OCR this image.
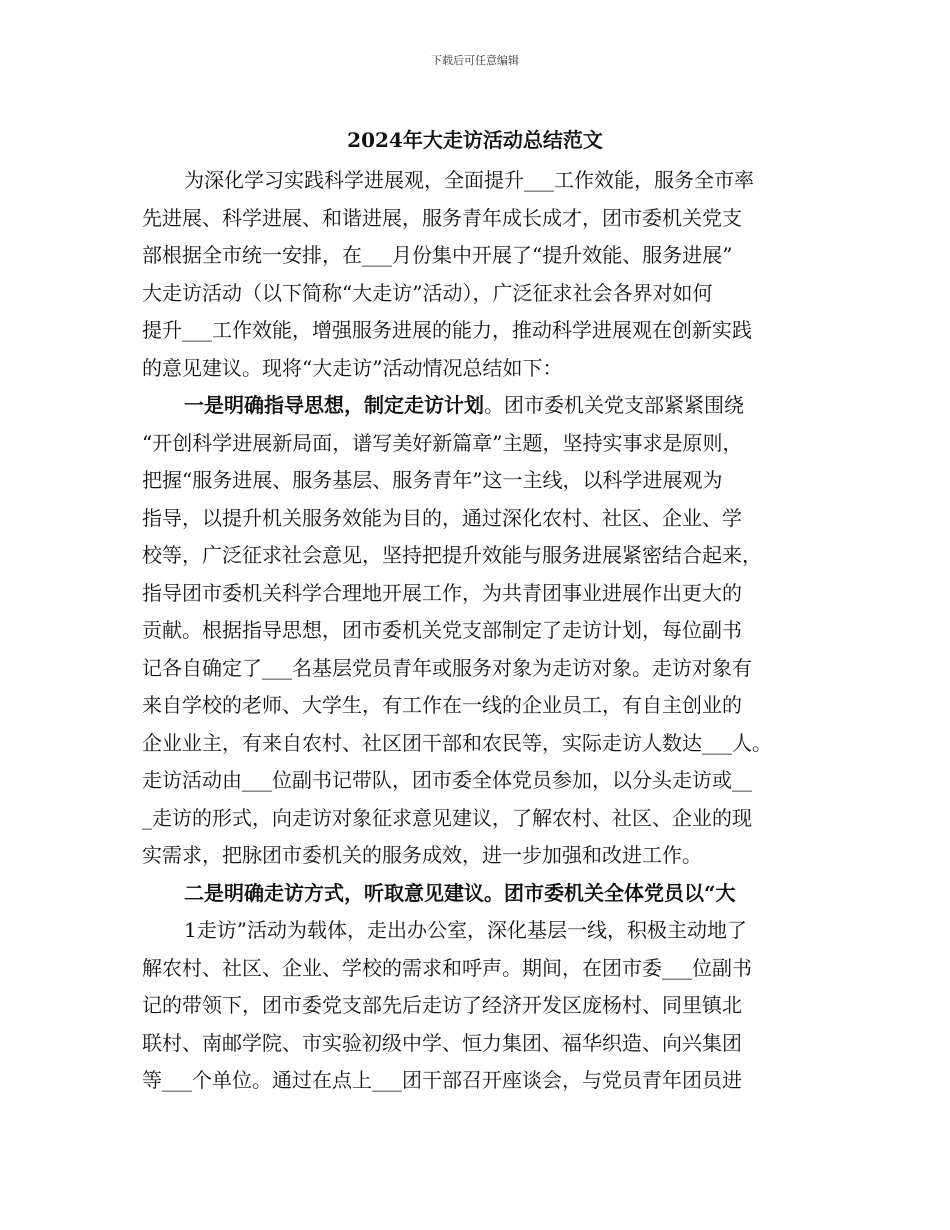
下载后可任意编辑
2024年大走访活动总结范文
为深化学习实践科学进展观，全面提升___工作效能，服务全市率
先进展、科学进展、和谐进展，服务青年成长成才，团市委机关党支
部根据全市统一安排，在___月份集中开展了“提升效能、服务进展”
大走访活动（以下简称“大走访”活动），广泛征求社会各界对如何
提升___工作效能，增强服务进展的能力，推动科学进展观在创新实践
的意见建议。现将“大走访”活动情况总结如下：
一是明确指导思想，制定走访计划。团市委机关党支部紧紧围绕
“开创科学进展新局面，谱写美好新篇章”主题，坚持实事求是原则，
把握“服务进展、服务基层、服务青年”这一主线，以科学进展观为
指导，以提升机关服务效能为目的，通过深化农村、社区、企业、学
校等，广泛征求社会意见，坚持把提升效能与服务进展紧密结合起来，
指导团市委机关科学合理地开展工作，为共青团事业进展作出更大的
贡献。根据指导思想，团市委机关党支部制定了走访计划，每位副书
记各自确定了___名基层党员青年或服务对象为走访对象。走访对象有
来自学校的老师、大学生，有工作在一线的企业员工，有自主创业的
企业业主，有来自农村、社区团干部和农民等，实际走访人数达___人。
走访活动由___位副书记带队，团市委全体党员参加，以分头走访或__
_走访的形式，向走访对象征求意见建议，了解农村、社区、企业的现
实需求，把脉团市委机关的服务成效，进一步加强和改进工作。
二是明确走访方式，听取意见建议。团市委机关全体党员以“大
1走访”活动为载体，走出办公室，深化基层一线，积极主动地了
解农村、社区、企业、学校的需求和呼声。期间，在团市委___位副书
记的带领下，团市委党支部先后走访了经济开发区庞杨村、同里镇北
联村、南邮学院、市实验初级中学、恒力集团、福华织造、向兴集团
等___个单位。通过在点上___团干部召开座谈会，与党员青年团员进
